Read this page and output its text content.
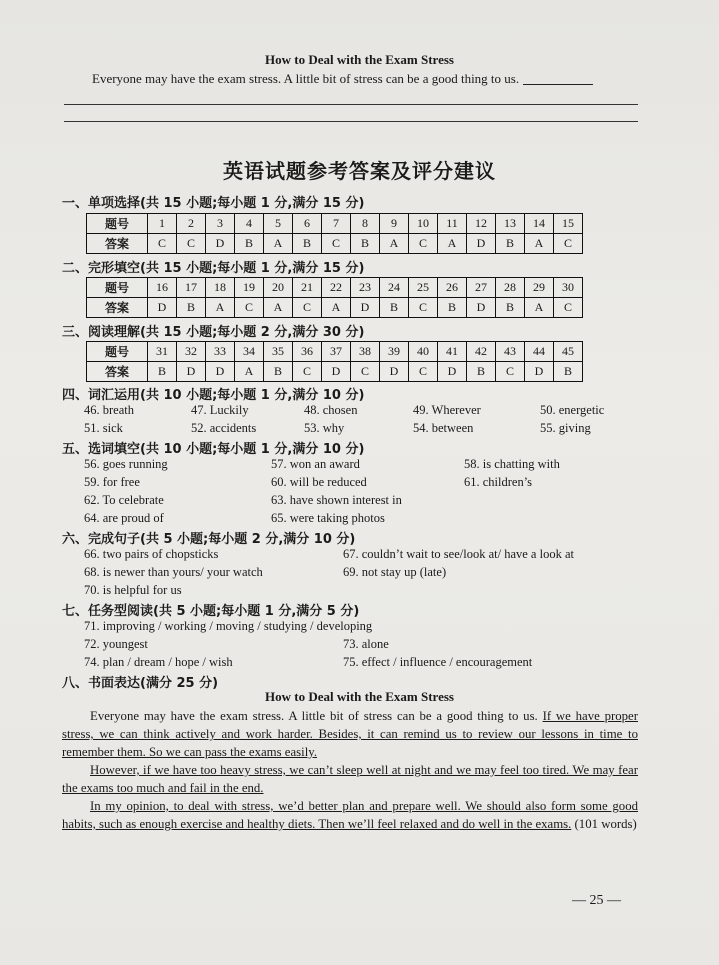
How to Deal with the Exam Stress
Everyone may have the exam stress. A little bit of stress can be a good thing to us.
英语试题参考答案及评分建议
一、单项选择(共 15 小题;每小题 1 分,满分 15 分)
题号	1	2	3	4	5	6	7	8	9	10	11	12	13	14	15
答案	C	C	D	B	A	B	C	B	A	C	A	D	B	A	C
二、完形填空(共 15 小题;每小题 1 分,满分 15 分)
题号	16	17	18	19	20	21	22	23	24	25	26	27	28	29	30
答案	D	B	A	C	A	C	A	D	B	C	B	D	B	A	C
三、阅读理解(共 15 小题;每小题 2 分,满分 30 分)
题号	31	32	33	34	35	36	37	38	39	40	41	42	43	44	45
答案	B	D	D	A	B	C	D	C	D	C	D	B	C	D	B
四、词汇运用(共 10 小题;每小题 1 分,满分 10 分)
46. breath	47. Luckily	48. chosen	49. Wherever	50. energetic
51. sick	52. accidents	53. why	54. between	55. giving
五、选词填空(共 10 小题;每小题 1 分,满分 10 分)
56. goes running	57. won an award	58. is chatting with
59. for free	60. will be reduced	61. children’s
62. To celebrate	63. have shown interest in
64. are proud of	65. were taking photos
六、完成句子(共 5 小题;每小题 2 分,满分 10 分)
66. two pairs of chopsticks	67. couldn’t wait to see/look at/ have a look at
68. is newer than yours/ your watch	69. not stay up (late)
70. is helpful for us
七、任务型阅读(共 5 小题;每小题 1 分,满分 5 分)
71. improving / working / moving / studying / developing
72. youngest	73. alone
74. plan / dream / hope / wish	75. effect / influence / encouragement
八、书面表达(满分 25 分)
How to Deal with the Exam Stress
Everyone may have the exam stress. A little bit of stress can be a good thing to us. If we have proper stress, we can think actively and work harder. Besides, it can remind us to review our lessons in time to remember them. So we can pass the exams easily.
However, if we have too heavy stress, we can’t sleep well at night and we may feel too tired. We may fear the exams too much and fail in the end.
In my opinion, to deal with stress, we’d better plan and prepare well. We should also form some good habits, such as enough exercise and healthy diets. Then we’ll feel relaxed and do well in the exams. (101 words)
— 25 —
